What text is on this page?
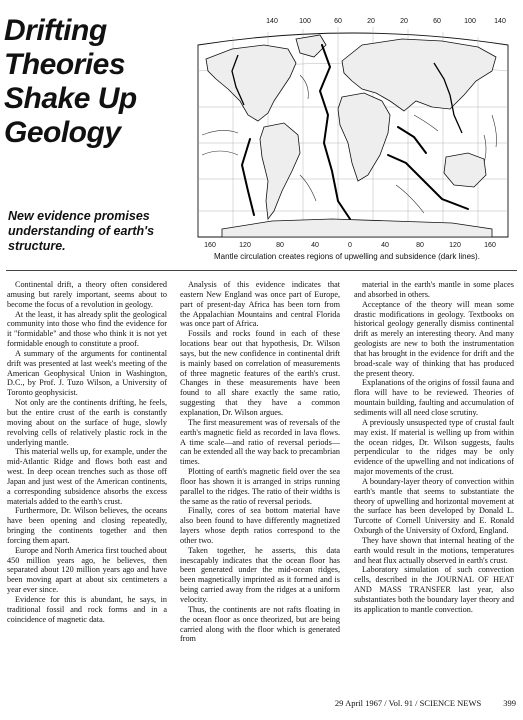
Drifting
Theories
Shake Up
Geology

New evidence promises
understanding of earth's
structure.

140	100	60	20	20	60	100	140
160	120	80	40	0	40	80	120	160
Mantle circulation creates regions of upwelling and subsidence (dark lines).

Continental drift, a theory often considered amusing but rarely important, seems about to become the focus of a revolution in geology.

At the least, it has already split the geological community into those who find the evidence for it "formidable" and those who think it is not yet formidable enough to constitute a proof.

A summary of the arguments for continental drift was presented at last week's meeting of the American Geophysical Union in Washington, D.C., by Prof. J. Tuzo Wilson, a University of Toronto geophysicist.

Not only are the continents drifting, he feels, but the entire crust of the earth is constantly moving about on the surface of huge, slowly revolving cells of relatively plastic rock in the underlying mantle.

This material wells up, for example, under the mid-Atlantic Ridge and flows both east and west. In deep ocean trenches such as those off Japan and just west of the American continents, a corresponding subsidence absorbs the excess materials added to the earth's crust.

Furthermore, Dr. Wilson believes, the oceans have been opening and closing repeatedly, bringing the continents together and then forcing them apart.

Europe and North America first touched about 450 million years ago, he believes, then separated about 120 million years ago and have been moving apart at about six centimeters a year ever since.

Evidence for this is abundant, he says, in traditional fossil and rock forms and in a coincidence of magnetic data.

Analysis of this evidence indicates that eastern New England was once part of Europe, part of present-day Africa has been torn from the Appalachian Mountains and central Florida was once part of Africa.

Fossils and rocks found in each of these locations bear out that hypothesis, Dr. Wilson says, but the new confidence in continental drift is mainly based on correlation of measurements of three magnetic features of the earth's crust. Changes in these measurements have been found to all share exactly the same ratio, suggesting that they have a common explanation, Dr. Wilson argues.

The first measurement was of reversals of the earth's magnetic field as recorded in lava flows. A time scale—and ratio of reversal periods— can be extended all the way back to precambrian times.

Plotting of earth's magnetic field over the sea floor has shown it is arranged in strips running parallel to the ridges. The ratio of their widths is the same as the ratio of reversal periods.

Finally, cores of sea bottom material have also been found to have differently magnetized layers whose depth ratios correspond to the other two.

Taken together, he asserts, this data inescapably indicates that the ocean floor has been generated under the mid-ocean ridges, been magnetically imprinted as it formed and is being carried away from the ridges at a uniform velocity.

Thus, the continents are not rafts floating in the ocean floor as once theorized, but are being carried along with the floor which is generated from

material in the earth's mantle in some places and absorbed in others.

Acceptance of the theory will mean some drastic modifications in geology. Textbooks on historical geology generally dismiss continental drift as merely an interesting theory. And many geologists are new to both the instrumentation that has brought in the evidence for drift and the broad-scale way of thinking that has produced the present theory.

Explanations of the origins of fossil fauna and flora will have to be reviewed. Theories of mountain building, faulting and accumulation of sediments will all need close scrutiny.

A previously unsuspected type of crustal fault may exist. If material is welling up from within the ocean ridges, Dr. Wilson suggests, faults perpendicular to the ridges may be only evidence of the upwelling and not indications of major movements of the crust.

A boundary-layer theory of convection within earth's mantle that seems to substantiate the theory of upwelling and horizontal movement at the surface has been developed by Donald L. Turcotte of Cornell University and E. Ronald Oxburgh of the University of Oxford, England.

They have shown that internal heating of the earth would result in the motions, temperatures and heat flux actually observed in earth's crust.

Laboratory simulation of such convection cells, described in the JOURNAL OF HEAT AND MASS TRANSFER last year, also substantiates both the boundary layer theory and its application to mantle convection.

29 April 1967 / Vol. 91 / SCIENCE NEWS	399
